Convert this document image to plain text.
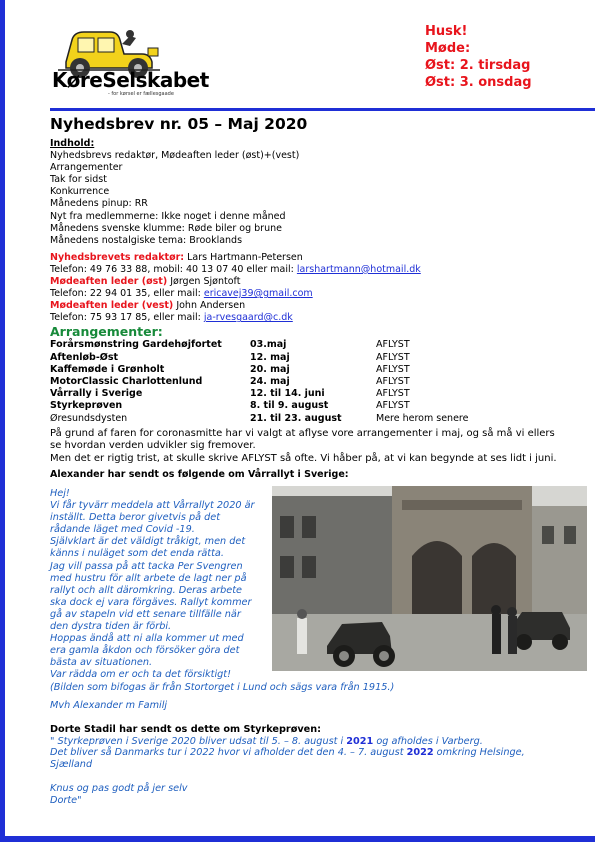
KøreSelskabet
- for kørsel er fællesgaade
Husk!
Møde:
Øst: 2. tirsdag
Øst: 3. onsdag
Nyhedsbrev nr. 05 – Maj 2020
Indhold:
Nyhedsbrevs redaktør, Mødeaften leder (øst)+(vest)
Arrangementer
Tak for sidst
Konkurrence
Månedens pinup: RR
Nyt fra medlemmerne: Ikke noget i denne måned
Månedens svenske klumme: Røde biler og brune
Månedens nostalgiske tema: Brooklands
Nyhedsbrevets redaktør: Lars Hartmann-Petersen
Telefon: 49 76 33 88, mobil: 40 13 07 40 eller mail: larshartmann@hotmail.dk
Mødeaften leder (øst) Jørgen Sjøntoft
Telefon: 22 94 01 35, eller mail: ericavej39@gmail.com
Mødeaften leder (vest) John Andersen
Telefon: 75 93 17 85, eller mail: ja-rvesgaard@c.dk
Arrangementer:
Forårsmønstring Gardehøjfortet	03.maj	AFLYST
Aftenløb-Øst	12. maj	AFLYST
Kaffemøde i Grønholt	20. maj	AFLYST
MotorClassic Charlottenlund	24. maj	AFLYST
Vårrally i Sverige	12. til 14. juni	AFLYST
Styrkeprøven	8. til 9. august	AFLYST
Øresundsdysten	21. til 23. august	Mere herom senere
På grund af faren for coronasmitte har vi valgt at aflyse vore arrangementer i maj, og så må vi ellers
se hvordan verden udvikler sig fremover.
Men det er rigtig trist, at skulle skrive AFLYST så ofte. Vi håber på, at vi kan begynde at ses lidt i juni.
Alexander har sendt os følgende om Vårrallyt i Sverige:
Hej!
Vi får tyvärr meddela att Vårrallyt 2020 är
inställt. Detta beror givetvis på det
rådande läget med Covid -19.
Självklart är det väldigt tråkigt, men det
känns i nuläget som det enda rätta.
Jag vill passa på att tacka Per Svengren
med hustru för allt arbete de lagt ner på
rallyt och allt däromkring. Deras arbete
ska dock ej vara förgäves. Rallyt kommer
gå av stapeln vid ett senare tillfälle när
den dystra tiden är förbi.
Hoppas ändå att ni alla kommer ut med
era gamla åkdon och försöker göra det
bästa av situationen.
Var rädda om er och ta det försiktigt!
(Bilden som bifogas är från Stortorget i Lund och sägs vara från 1915.)
Mvh Alexander m Familj
Dorte Stadil har sendt os dette om Styrkeprøven:
" Styrkeprøven i Sverige 2020 bliver udsat til 5. – 8. august i 2021 og afholdes i Varberg.
Det bliver så Danmarks tur i 2022 hvor vi afholder det den 4. – 7. august 2022 omkring Helsinge,
Sjælland
Knus og pas godt på jer selv
Dorte"
